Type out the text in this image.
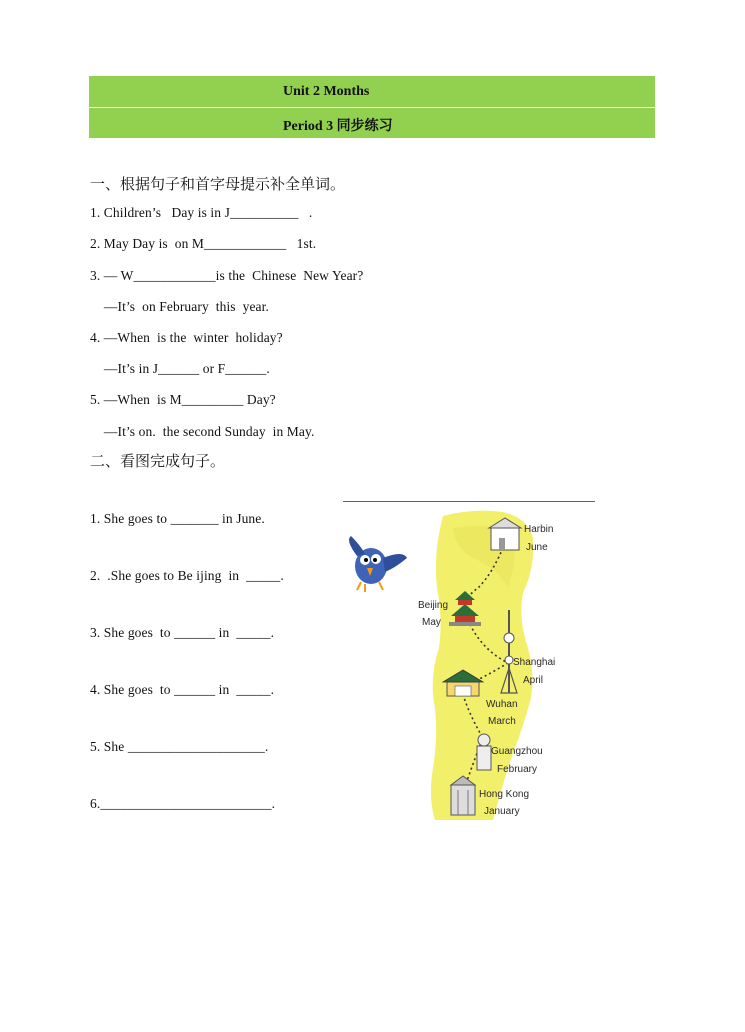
Unit 2 Months
Period 3 同步练习
一、根据句子和首字母提示补全单词。
1. Children’s   Day is in J__________   .
2. May Day is  on M____________   1st.
3. — W____________is the  Chinese  New Year?
—It’s  on February  this  year.
4. —When  is the  winter  holiday?
—It’s in J______ or F______.
5. —When  is M_________ Day?
—It’s on.  the second Sunday  in May.
二、看图完成句子。
1. She goes to _______ in June.
2.  .She goes to Be ijing  in  _____.
3. She goes  to ______ in  _____.
4. She goes  to ______ in  _____.
5. She ____________________.
6._________________________.
Harbin
June
Beijing
May
Shanghai
April
Wuhan
March
Guangzhou
February
Hong Kong
January
